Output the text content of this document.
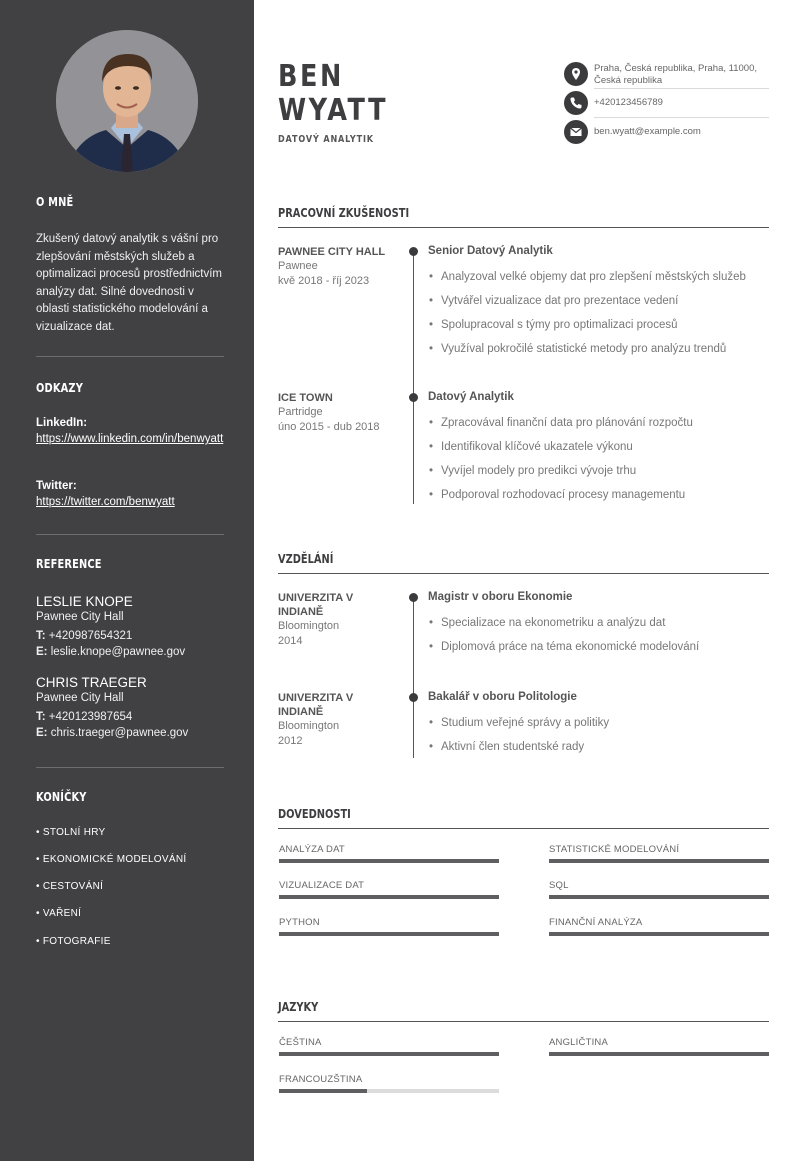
O MNĚ
Zkušený datový analytik s vášní pro zlepšování městských služeb a optimalizaci procesů prostřednictvím analýzy dat. Silné dovednosti v oblasti statistického modelování a vizualizace dat.
ODKAZY
LinkedIn:
https://www.linkedin.com/in/benwyatt
Twitter:
https://twitter.com/benwyatt
REFERENCE
LESLIE KNOPE
Pawnee City Hall
T: +420987654321
E: leslie.knope@pawnee.gov
CHRIS TRAEGER
Pawnee City Hall
T: +420123987654
E: chris.traeger@pawnee.gov
KONÍČKY
• STOLNÍ HRY
• EKONOMICKÉ MODELOVÁNÍ
• CESTOVÁNÍ
• VAŘENÍ
• FOTOGRAFIE
BEN
WYATT
DATOVÝ ANALYTIK
Praha, Česká republika, Praha, 11000,
Česká republika
+420123456789
ben.wyatt@example.com
PRACOVNÍ ZKUŠENOSTI
PAWNEE CITY HALL
Pawnee
kvě 2018 - říj 2023
Senior Datový Analytik
• Analyzoval velké objemy dat pro zlepšení městských služeb
• Vytvářel vizualizace dat pro prezentace vedení
• Spolupracoval s týmy pro optimalizaci procesů
• Využíval pokročilé statistické metody pro analýzu trendů
ICE TOWN
Partridge
úno 2015 - dub 2018
Datový Analytik
• Zpracovával finanční data pro plánování rozpočtu
• Identifikoval klíčové ukazatele výkonu
• Vyvíjel modely pro predikci vývoje trhu
• Podporoval rozhodovací procesy managementu
VZDĚLÁNÍ
UNIVERZITA V
INDIANĚ
Bloomington
2014
Magistr v oboru Ekonomie
• Specializace na ekonometriku a analýzu dat
• Diplomová práce na téma ekonomické modelování
UNIVERZITA V
INDIANĚ
Bloomington
2012
Bakalář v oboru Politologie
• Studium veřejné správy a politiky
• Aktivní člen studentské rady
DOVEDNOSTI
ANALÝZA DAT	STATISTICKÉ MODELOVÁNÍ
VIZUALIZACE DAT	SQL
PYTHON	FINANČNÍ ANALÝZA
JAZYKY
ČEŠTINA	ANGLIČTINA
FRANCOUZŠTINA
